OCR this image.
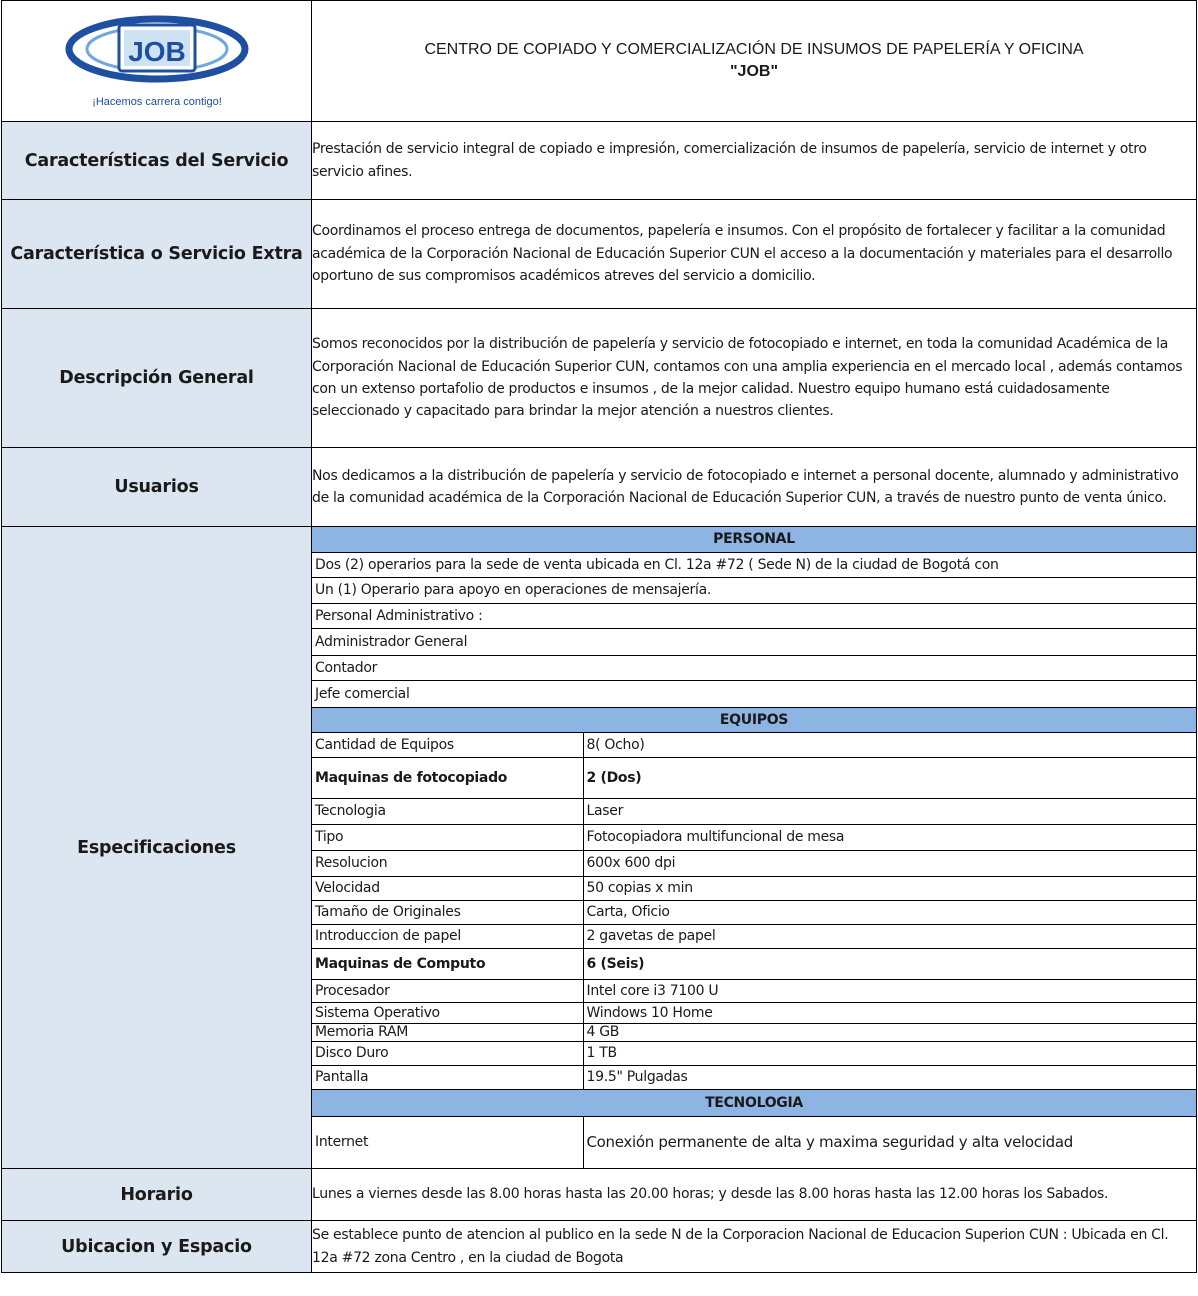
JOB
¡Hacemos carrera contigo!

CENTRO DE COPIADO Y COMERCIALIZACIÓN DE INSUMOS DE PAPELERÍA Y OFICINA
"JOB"

Características del Servicio	Prestación de servicio integral de copiado e impresión, comercialización de insumos de papelería, servicio de internet y otro servicio afines.
Característica o Servicio Extra	Coordinamos el proceso entrega de documentos, papelería e insumos. Con el propósito de fortalecer y facilitar a la comunidad académica de la Corporación Nacional de Educación Superior CUN el acceso a la documentación y materiales para el desarrollo oportuno de sus compromisos académicos atreves del servicio a domicilio.
Descripción General	Somos reconocidos por la distribución de papelería y servicio de fotocopiado e internet, en toda la comunidad Académica de la Corporación Nacional de Educación Superior CUN, contamos con una amplia experiencia en el mercado local , además contamos con un extenso portafolio de productos e insumos , de la mejor calidad. Nuestro equipo humano está cuidadosamente seleccionado y capacitado para brindar la mejor atención a nuestros clientes.
Usuarios	Nos dedicamos a la distribución de papelería y servicio de fotocopiado e internet a personal docente, alumnado y administrativo de la comunidad académica de la Corporación Nacional de Educación Superior CUN, a través de nuestro punto de venta único.
Especificaciones	
PERSONAL
Dos (2) operarios para la sede de venta ubicada en Cl. 12a #72 ( Sede N) de la ciudad de Bogotá con
Un (1) Operario para apoyo en operaciones de mensajería.
Personal Administrativo :
Administrador General
Contador
Jefe comercial
EQUIPOS
Cantidad de Equipos	8( Ocho)
Maquinas de fotocopiado	2 (Dos)
Tecnologia	Laser
Tipo	Fotocopiadora multifuncional de mesa
Resolucion	600x 600 dpi
Velocidad	50 copias x min
Tamaño de Originales	Carta, Oficio
Introduccion de papel	2 gavetas de papel
Maquinas de Computo	6 (Seis)
Procesador	Intel core i3 7100 U
Sistema Operativo	Windows 10 Home
Memoria RAM	4 GB
Disco Duro	1 TB
Pantalla	19.5" Pulgadas
TECNOLOGIA
Internet	Conexión permanente de alta y maxima seguridad y alta velocidad

Horario	Lunes a viernes desde las 8.00 horas hasta las 20.00 horas; y desde las 8.00 horas hasta las 12.00 horas los Sabados.
Ubicacion y Espacio	Se establece punto de atencion al publico en la sede N de la Corporacion Nacional de Educacion Superion CUN : Ubicada en Cl. 12a #72 zona Centro , en la ciudad de Bogota
